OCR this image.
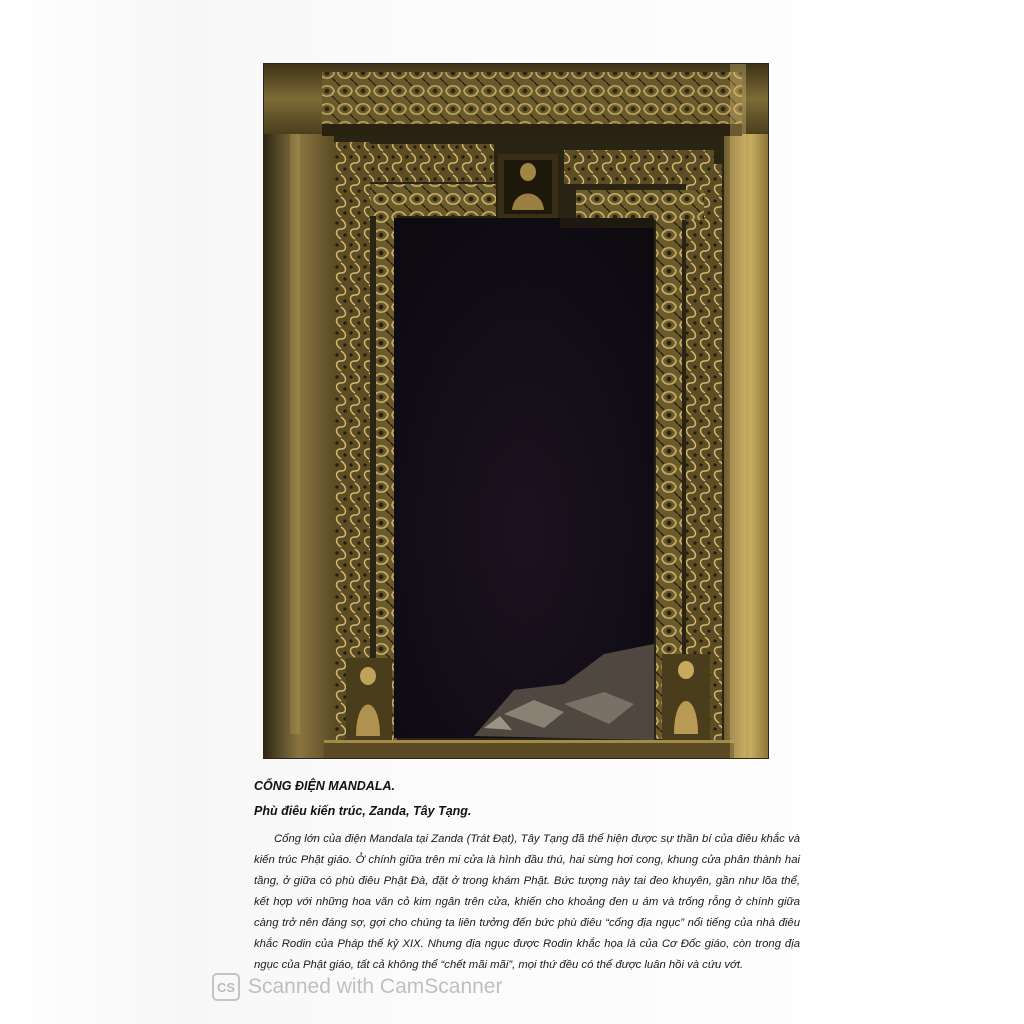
CỔNG ĐIỆN MANDALA.

Phù điêu kiến trúc, Zanda, Tây Tạng.

Cổng lớn của điện Mandala tại Zanda (Trát Đạt), Tây Tạng đã thể hiện được sự thần bí của điêu khắc và kiến trúc Phật giáo. Ở chính giữa trên mi cửa là hình đầu thú, hai sừng hơi cong, khung cửa phân thành hai tầng, ở giữa có phù điêu Phật Đà, đặt ở trong khám Phật. Bức tượng này tai đeo khuyên, gần như lõa thể, kết hợp với những hoa văn cỏ kim ngân trên cửa, khiến cho khoảng đen u ám và trống rỗng ở chính giữa càng trở nên đáng sợ, gợi cho chúng ta liên tưởng đến bức phù điêu “cổng địa ngục” nổi tiếng của nhà điêu khắc Rodin của Pháp thế kỷ XIX. Nhưng địa ngục được Rodin khắc họa là của Cơ Đốc giáo, còn trong địa ngục của Phật giáo, tất cả không thể “chết mãi mãi”, mọi thứ đều có thể được luân hồi và cứu vớt.

CS Scanned with CamScanner
